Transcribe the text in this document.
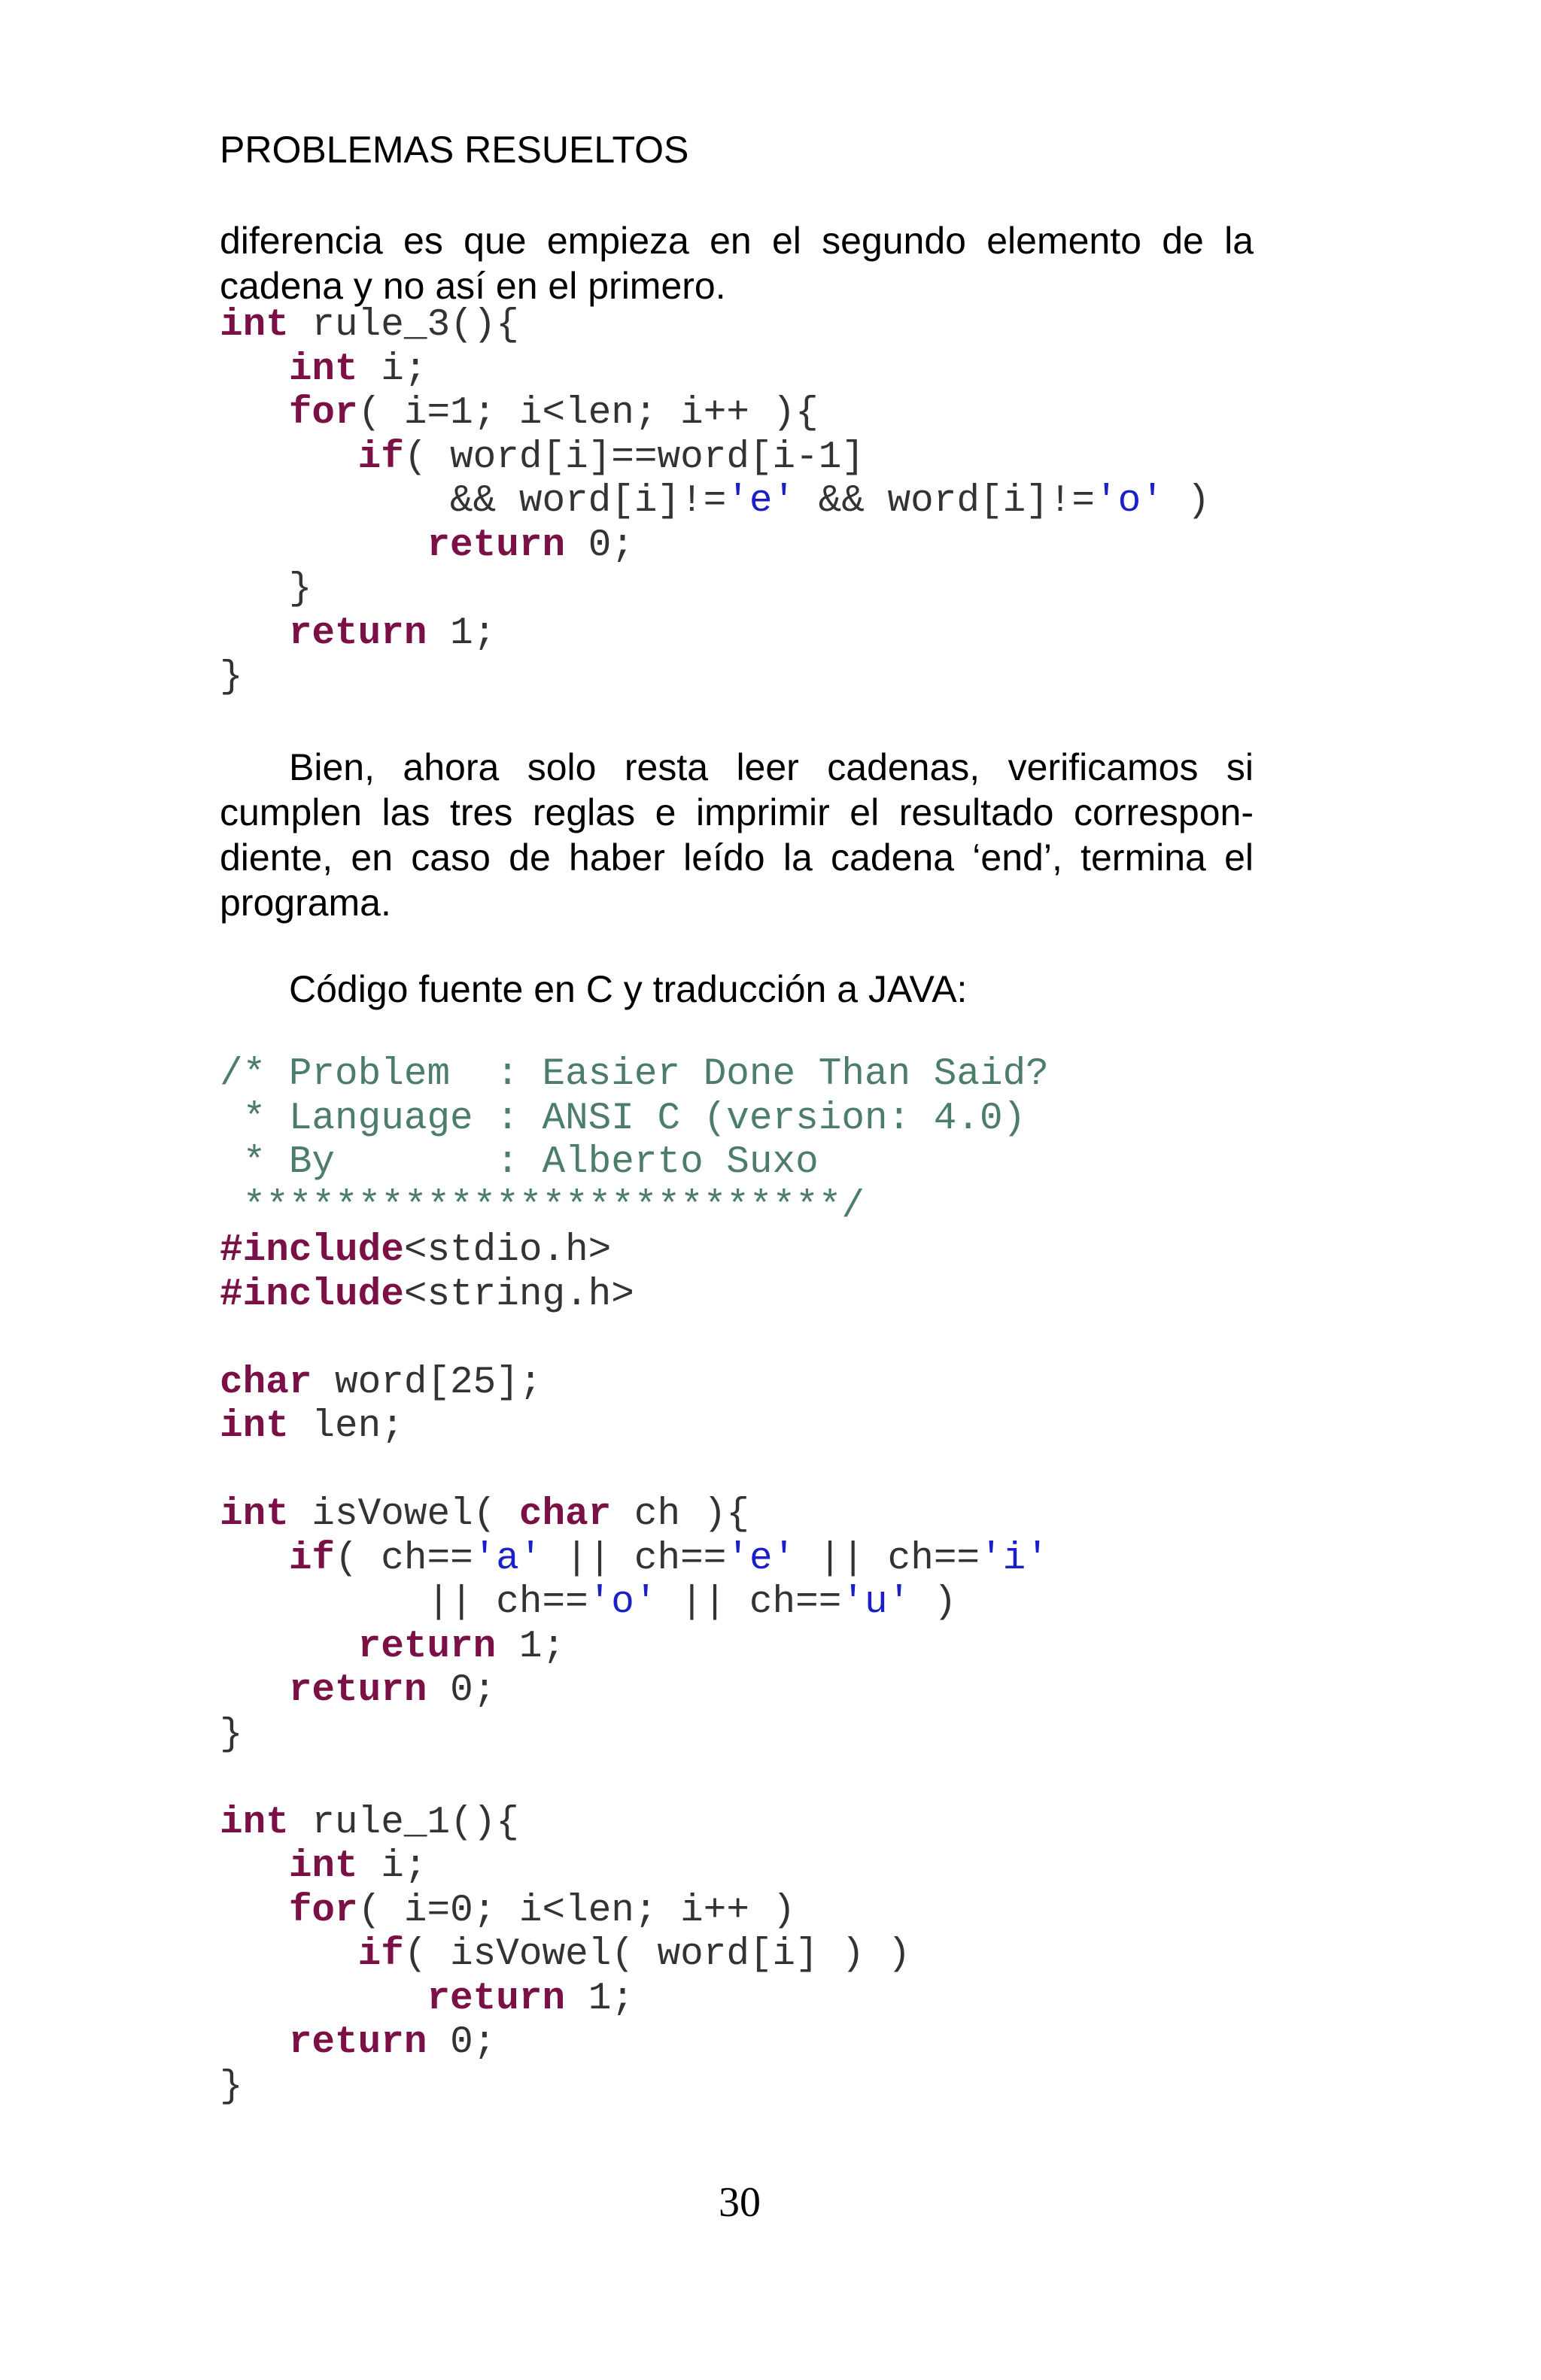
PROBLEMAS RESUELTOS

diferencia es que empieza en el segundo elemento de la cadena y no así en el primero.

int rule_3(){
int i;
for( i=1; i<len; i++ ){
if( word[i]==word[i-1]
&& word[i]!='e' && word[i]!='o' )
return 0;
}
return 1;
}

Bien, ahora solo resta leer cadenas, verificamos si cumplen las tres reglas e imprimir el resultado correspon-diente, en caso de haber leído la cadena ‘end’, termina el programa.

Código fuente en C y traducción a JAVA:

/* Problem  : Easier Done Than Said?
* Language : ANSI C (version: 4.0)
* By       : Alberto Suxo
**************************/
#include<stdio.h>
#include<string.h>
char word[25];
int len;
int isVowel( char ch ){
if( ch=='a' || ch=='e' || ch=='i'
|| ch=='o' || ch=='u' )
return 1;
return 0;
}
int rule_1(){
int i;
for( i=0; i<len; i++ )
if( isVowel( word[i] ) )
return 1;
return 0;
}
30
